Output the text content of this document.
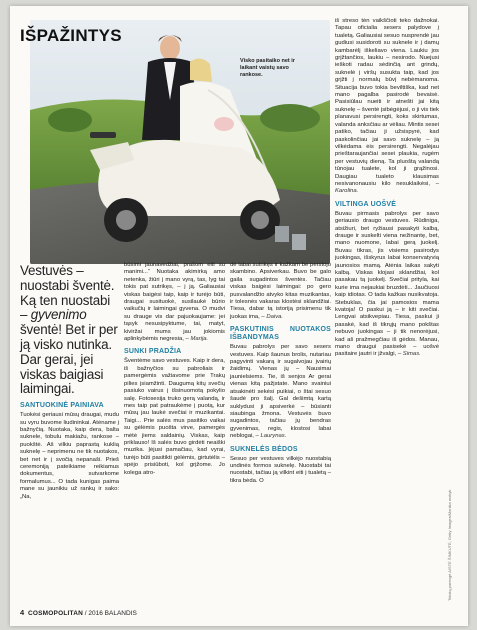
IŠPAŽINTYS
Visko pasitaiko net ir laikant vaistų savo rankose.
Vestuvės – nuostabi šventė. Ką ten nuostabi – gyvenimo šventė! Bet ir per ją visko nutinka. Dar gerai, jei viskas baigiasi laimingai.
SANTUOKINĖ PAINIAVA

Tuokėsi geriausi mūsų draugai, mudu su vyru buvome liudininkai. Atėname į bažnyčią. Nuotaka, kaip dera, balta suknele, tobulu makiažu, rankose – puokštė. Aš vilkiu paprastą kuklią suknelę – neprimenu ne tik nuotakos, bet net ir į svočią nepanaši. Prieš ceremoniją pateikiame reikiamus dokumentus, sutvarkome formalumus... O tada kunigas paima mane su jaunikiu už rankų ir sako: „Na,

būsimi jaunavedžiai, prašom eiti su manimi...“ Nuotaka akimirką amo netenka, žiūri į mano vyrą, tas, lyg tai tokis pat sutrikęs, – į ją. Galiausiai viskas baigėsi taip, kaip ir turėjo būti, draugai susituokė, susilaukė būrio vaikučių ir laimingai gyvena. O mudvi su drauge vis dar pajuokaujame: jei tąsyk nesusipyktume, tai, matyt, kiviržai mums jau jokiomis aplinkybėmis negresia, – Marija.

SUNKI PRADŽIA

Šventėme savo vestuves. Kaip ir dera, iš bažnyčios su pabroliais ir pamergėmis važiavome prie Trakų pilies įsiamžinti. Daugumą kitų svečių pasiuko vairus į išsinuomotą pokylio salę. Fotosesija truko gerą valandą, ir mes taip pat patraukėme į puotą, kur mūsų jau laukė svečiai ir muzikantai. Taigi... Prie salės mus pasitiko vaikai su gėlėmis puošta virve, pamergės mėtė jiems saldainių. Viskas, kaip priklauso! Iš salės buvo girdėti neaiški muzika. Įėjusi pamačiau, kad vyrai, turėjo būti pasitikti gėlėmis, girtutėlis – spėjo prisiūboti, kol grįžome. Jo kolega atro-

dė labai sutrikęs ir kažkam be perstojo skambino. Apsiverkau. Buvo be galo gaila sugadintos šventės. Tačiau viskas baigėsi laimingai: po gero pusvalandžio atvyko kitas muzikantas, ir tolesnės vakaras klostėsi sklandžiai. Tiesa, dabar tą istoriją prisimenu tik juokas ima, – Daiva.

PASKUTINIS NUOTAKOS IŠBANDYMAS

Buvau pabrolys per savo sesers vestuves. Kaip šaunus brolis, nutariau pagyvinti vakarą ir sugalvojau įvairių žaidimų. Vienas jų – Nausimai jaunielsiems. Tie, iš senjos Ar gerai vienas kitą pažįstate. Mano svainiui atsakinėti sekėsi puikiai, o štai sesuo šaudė pro šalį. Gal dešimtą kartą suklydusi ji apsiverkė – būsianti siaubinga žmona. Vestuvės buvo sugadintos, tačiau jų bendras gyvenimas, regis, klostosi labai neblogai, – Laurynas.

SUKNELĖS BĖDOS

Sesuo per vestuves vilkėjo nuostabią undinės formos suknelę. Nuostabi tai nuostabi, tačiau ją vilkint eiti į tualetą – tikra bėda. O

iš streso tėn vaikščioti teko dažnokai. Tapau oficialia sesers palydove į tualetą. Galiausiai sesuo nusprendė jau gudiusi susidoroti su suknele ir į damų kambarėlį iškeliavo viena. Laukiu jos grįžtančios, laukiu – nesirodo. Nuejusi ieškoti radau sėdinčią ant grindų, suknelė į viršų susukta taip, kad jos grįžti į normalų būvį nebėmanoma. Situacija buvo tokia beviltiška, kad net mano pagalba pasirodė bevaisė. Pasisiūlau nueiti ir atnešti jai kitą suknelę – šventė įsibėgėjusi, o ji vis tiek planavusi persirengti, koks skirtumas, valanda anksčiau ar vėliau. Mintis sesei patiko, tačiau ji užsispyrė, kad paskolinčiau jai savo suknelę – ją vilkėdama ėis persirengti. Negalėjau prieštaraujančiai sesei plaukia, rugėm per vestuvių dieną. Ta pluoštą valandą tūnojau tualete, kol ji grąžinosi. Daugiau tualeto klausimas nesivanonausiu kilo nesuklaikėsi, – Karolina.

VILTINGA UOŠVĖ

Buvau pirmasis pabrolys per savo geriausio draugo vestuves. Rūdiniga, atsižiuri, bet ryžiausi pasakyti kalbą, drauge ir suskelti viena nežinantę, bet, mano nuomone, labai gerą juokelį. Buvau tikras, jis visiems pasirodys juokingas, išskyrus labai konservatyvią jaunosios mamą. Atėnia laikas sakyti kalbą. Viskas klojasi sklandžiai, kol pasakau tą juokelį. Svečiai prityla, kai kurie ima nejaukiai bruzdėti... Jaučiuosi kaip idiotas. O tada kažkas nusikvatoja. Stebuklas, čia jai pamosios mama kvatoja! O paskui ją – ir kiti svečiai. Lengvai atsikvepiau. Tiesa, paskui ji pasakė, kad iš tikrųjų mano pokštas nebuvo juokingas – ji tik nenorėjusi, kad aš pražmegčiau iš gėdos. Manau, mano draugui pasisekė – uošvė pasitaire jautri ir įžvalgi, – Simas.

Tekstą parengė AISTĖ ŠIMKUTĖ, Getty Images/Monika mokyk
4 COSMOPOLITAN / 2016 BALANDIS
